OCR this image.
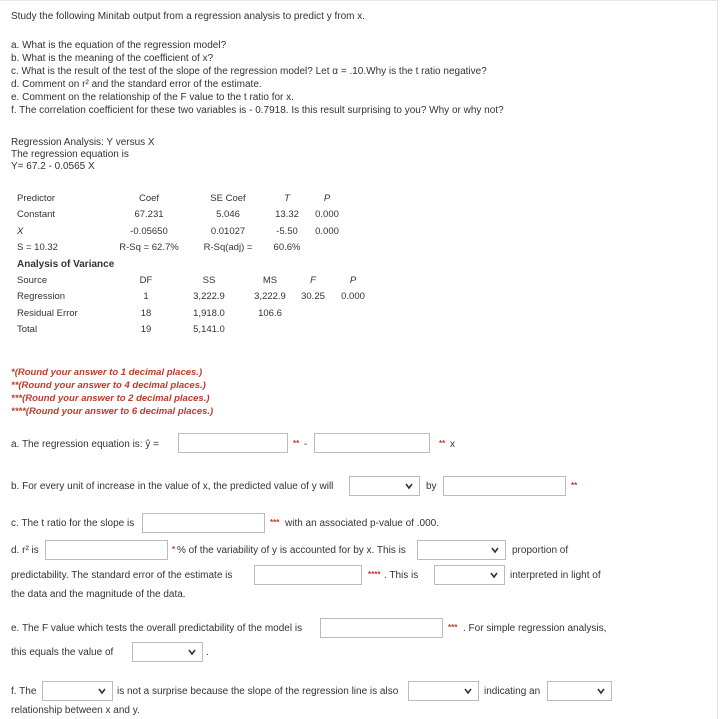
Study the following Minitab output from a regression analysis to predict y from x.
a. What is the equation of the regression model?
b. What is the meaning of the coefficient of x?
c. What is the result of the test of the slope of the regression model? Let α = .10.Why is the t ratio negative?
d. Comment on r² and the standard error of the estimate.
e. Comment on the relationship of the F value to the t ratio for x.
f. The correlation coefficient for these two variables is - 0.7918. Is this result surprising to you? Why or why not?
Regression Analysis: Y versus X
The regression equation is
Y= 67.2 - 0.0565 X
Predictor	Coef	SE Coef	T	P
Constant	67.231	5.046	13.32	0.000
X	-0.05650	0.01027	-5.50	0.000
S = 10.32	R-Sq = 62.7%	R-Sq(adj) =	60.6%	
Analysis of Variance
Source	DF	SS	MS	F	P
Regression	1	3,222.9	3,222.9	30.25	0.000
Residual Error	18	1,918.0	106.6		
Total	19	5,141.0			
*(Round your answer to 1 decimal places.)
**(Round your answer to 4 decimal places.)
***(Round your answer to 2 decimal places.)
****(Round your answer to 6 decimal places.)
a. The regression equation is: ŷ =	** -	** x
b. For every unit of increase in the value of x, the predicted value of y will	by	**
c. The t ratio for the slope is	*** with an associated p-value of .000.
d. r² is	* % of the variability of y is accounted for by x. This is	proportion of
predictability. The standard error of the estimate is	**** . This is	interpreted in light of
the data and the magnitude of the data.
e. The F value which tests the overall predictability of the model is	*** . For simple regression analysis,
this equals the value of	.
f. The	is not a surprise because the slope of the regression line is also	indicating an
relationship between x and y.
